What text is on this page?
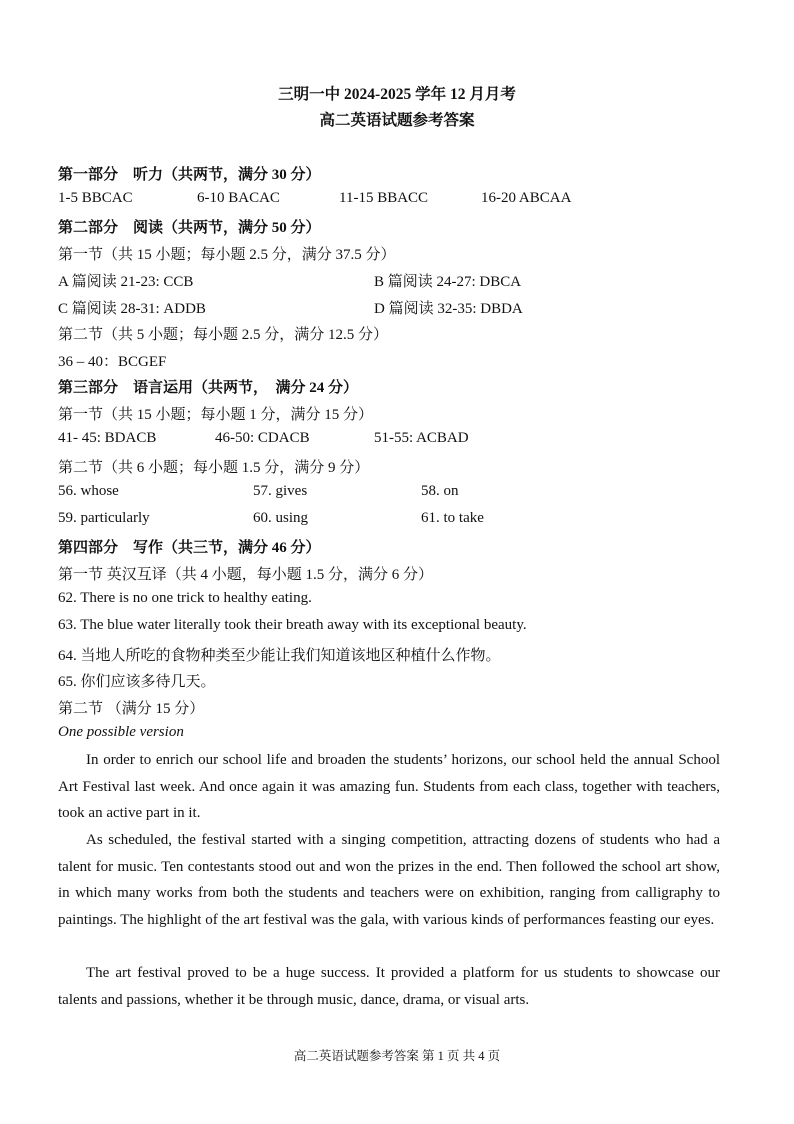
三明一中 2024-2025 学年 12 月月考
高二英语试题参考答案
第一部分　听力（共两节，满分 30 分）
1-5 BBCAC	6-10 BACAC	11-15 BBACC	16-20 ABCAA
第二部分　阅读（共两节，满分 50 分）
第一节（共 15 小题；每小题 2.5 分，满分 37.5 分）
A 篇阅读 21-23: CCB	B 篇阅读 24-27: DBCA
C 篇阅读 28-31: ADDB	D 篇阅读 32-35: DBDA
第二节（共 5 小题；每小题 2.5 分，满分 12.5 分）
36 – 40：BCGEF
第三部分　语言运用（共两节，　满分 24 分）
第一节（共 15 小题；每小题 1 分，满分 15 分）
41- 45: BDACB	46-50: CDACB	51-55: ACBAD
第二节（共 6 小题；每小题 1.5 分，满分 9 分）
56. whose	57. gives	58. on
59. particularly	60. using	61. to take
第四部分　写作（共三节，满分 46 分）
第一节 英汉互译（共 4 小题，每小题 1.5 分，满分 6 分）
62. There is no one trick to healthy eating.
63. The blue water literally took their breath away with its exceptional beauty.
64. 当地人所吃的食物种类至少能让我们知道该地区种植什么作物。
65. 你们应该多待几天。
第二节 （满分 15 分）
One possible version
In order to enrich our school life and broaden the students’ horizons, our school held the annual School Art Festival last week. And once again it was amazing fun. Students from each class, together with teachers, took an active part in it.
As scheduled, the festival started with a singing competition, attracting dozens of students who had a talent for music. Ten contestants stood out and won the prizes in the end. Then followed the school art show, in which many works from both the students and teachers were on exhibition, ranging from calligraphy to paintings. The highlight of the art festival was the gala, with various kinds of performances feasting our eyes.
The art festival proved to be a huge success. It provided a platform for us students to showcase our talents and passions, whether it be through music, dance, drama, or visual arts.
高二英语试题参考答案 第 1 页 共 4 页
